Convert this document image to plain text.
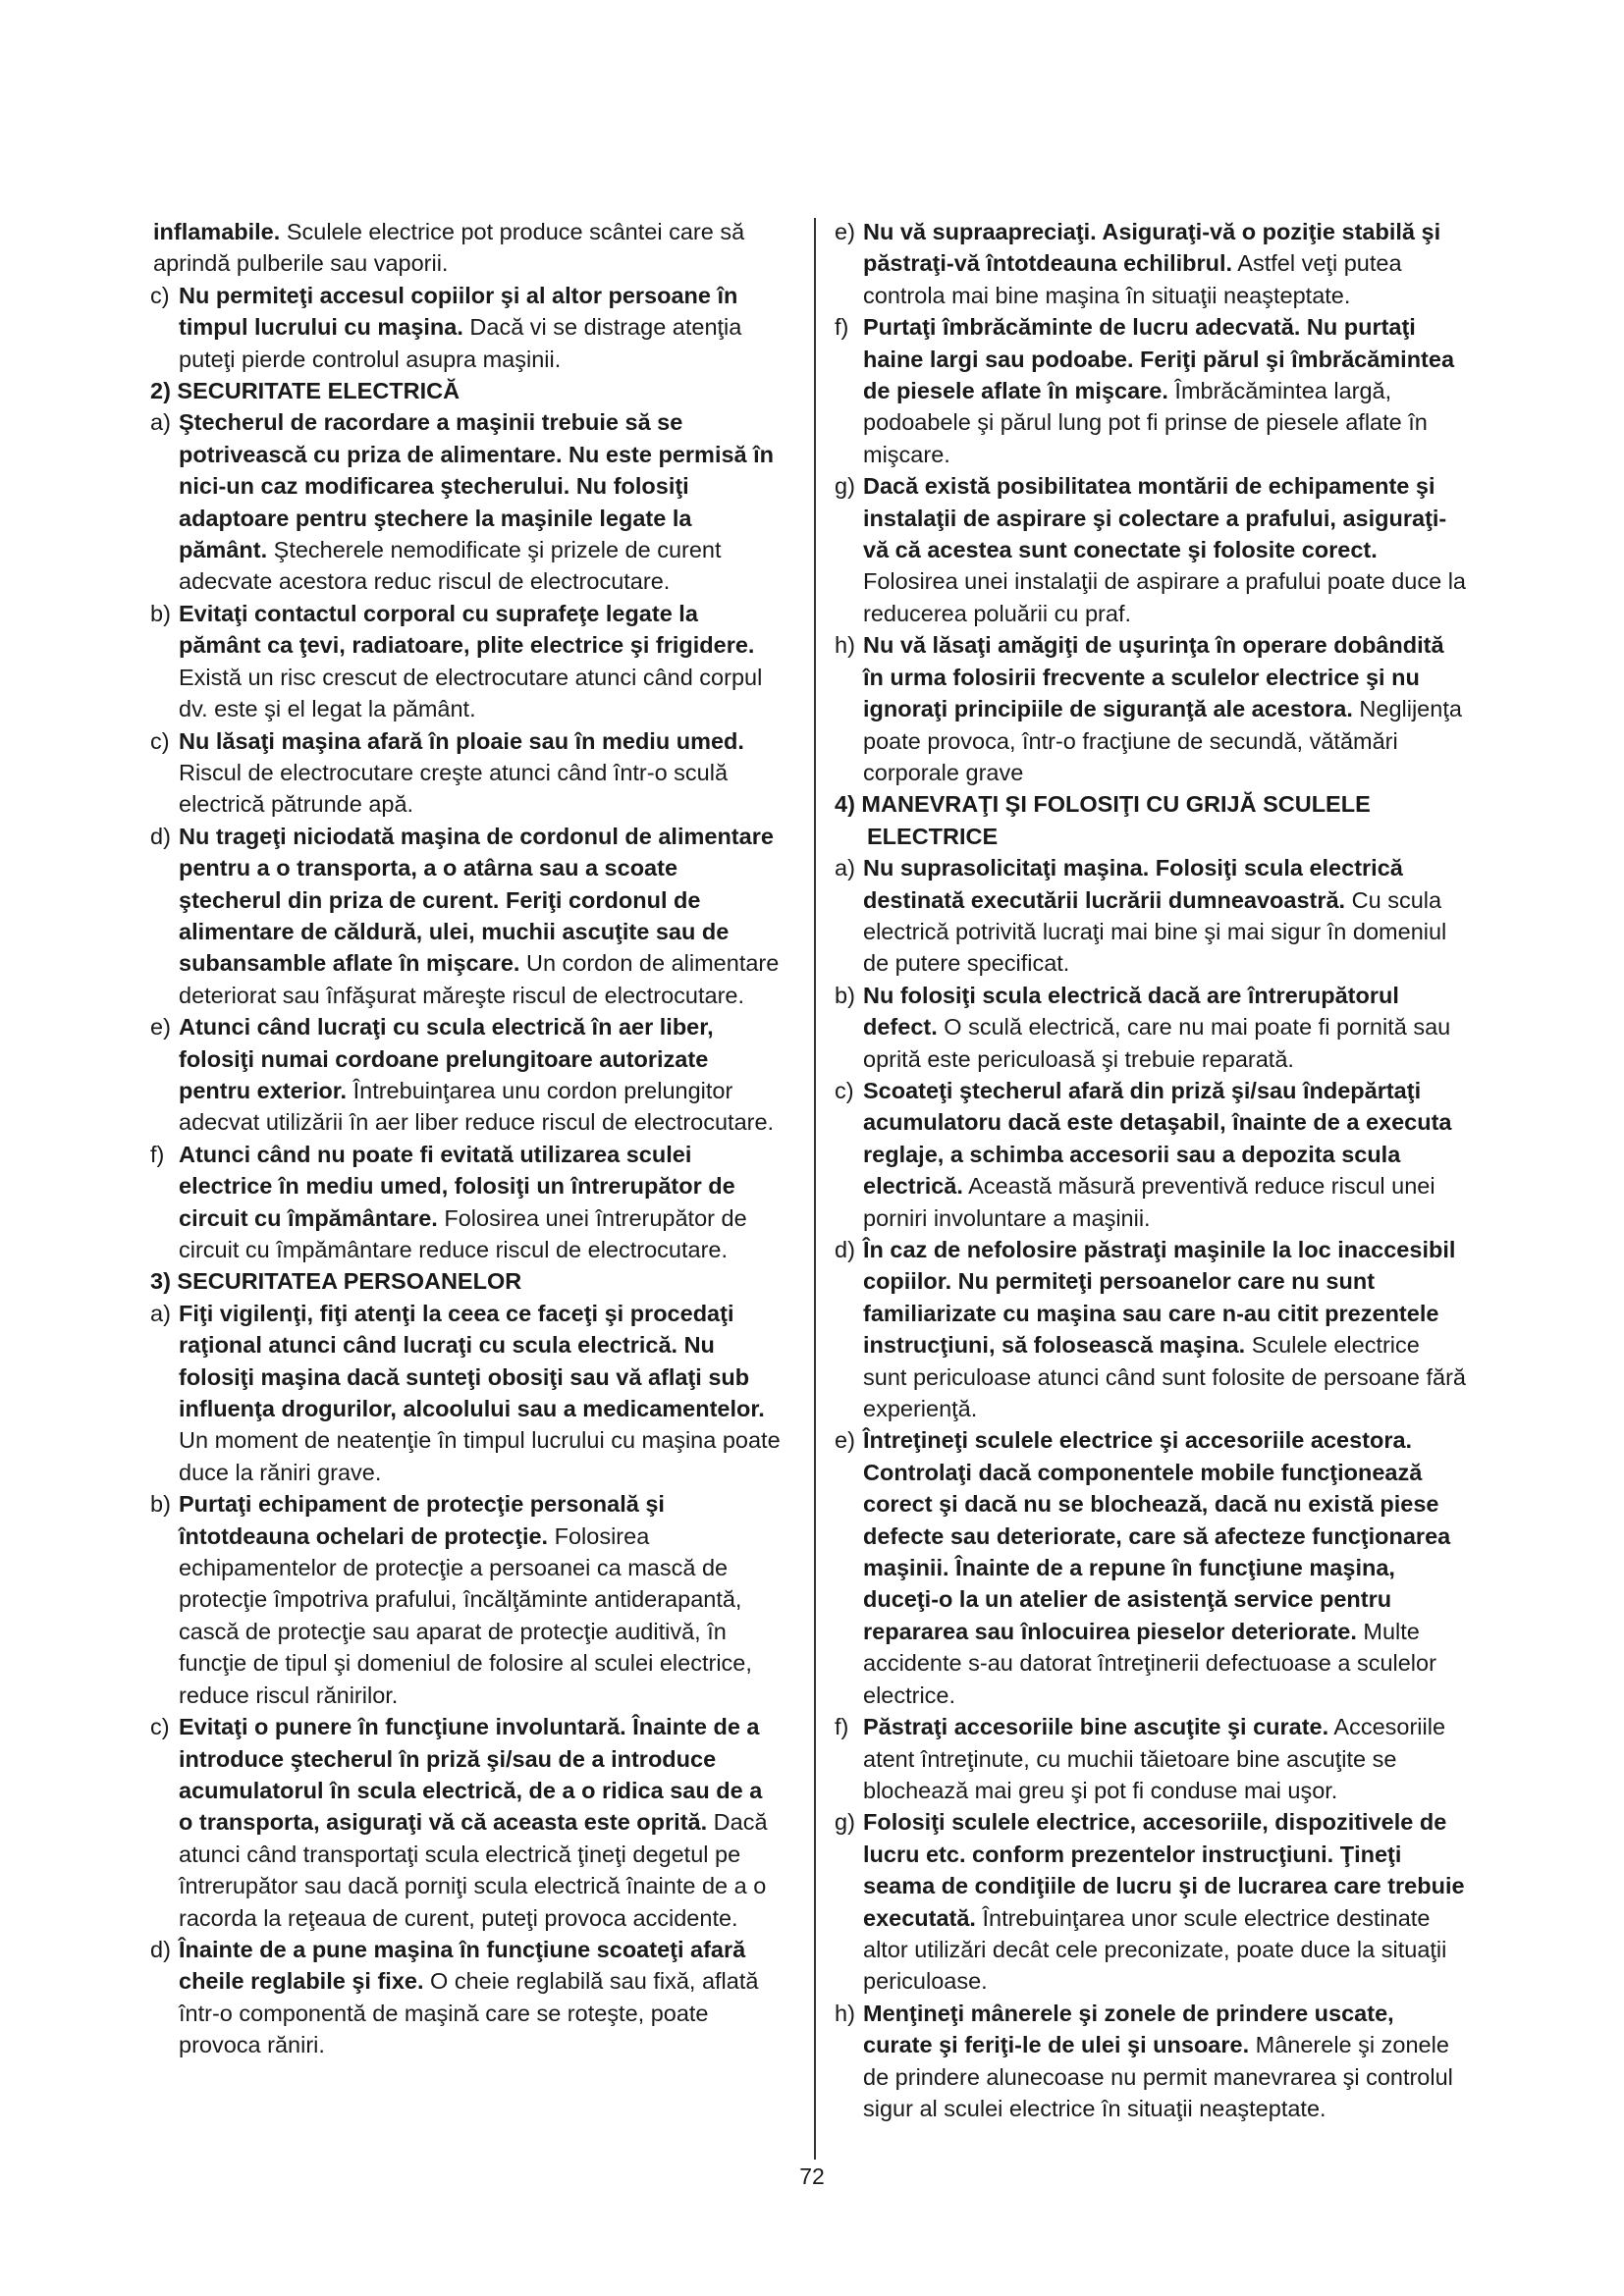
inflamabile. Sculele electrice pot produce scântei care să aprindă pulberile sau vaporii.

c) Nu permiteţi accesul copiilor şi al altor persoane în timpul lucrului cu maşina. Dacă vi se distrage atenţia puteţi pierde controlul asupra maşinii.

2) SECURITATE ELECTRICĂ

a) Ştecherul de racordare a maşinii trebuie să se potrivească cu priza de alimentare. Nu este permisă în nici-un caz modificarea ştecherului. Nu folosiţi adaptoare pentru ştechere la maşinile legate la pământ. Ştecherele nemodificate şi prizele de curent adecvate acestora reduc riscul de electrocutare.

b) Evitaţi contactul corporal cu suprafeţe legate la pământ ca ţevi, radiatoare, plite electrice şi frigidere. Există un risc crescut de electrocutare atunci când corpul dv. este şi el legat la pământ.

c) Nu lăsaţi maşina afară în ploaie sau în mediu umed. Riscul de electrocutare creşte atunci când într-o sculă electrică pătrunde apă.

d) Nu trageţi niciodată maşina de cordonul de alimentare pentru a o transporta, a o atârna sau a scoate ştecherul din priza de curent. Feriţi cordonul de alimentare de căldură, ulei, muchii ascuţite sau de subansamble aflate în mişcare. Un cordon de alimentare deteriorat sau înfăşurat măreşte riscul de electrocutare.

e) Atunci când lucraţi cu scula electrică în aer liber, folosiţi numai cordoane prelungitoare autorizate pentru exterior. Întrebuinţarea unu cordon prelungitor adecvat utilizării în aer liber reduce riscul de electrocutare.

f) Atunci când nu poate fi evitată utilizarea sculei electrice în mediu umed, folosiţi un întrerupător de circuit cu împământare. Folosirea unei întrerupător de circuit cu împământare reduce riscul de electrocutare.

3) SECURITATEA PERSOANELOR

a) Fiţi vigilenţi, fiţi atenţi la ceea ce faceţi şi procedaţi raţional atunci când lucraţi cu scula electrică. Nu folosiţi maşina dacă sunteţi obosiţi sau vă aflaţi sub influenţa drogurilor, alcoolului sau a medicamentelor. Un moment de neatenţie în timpul lucrului cu maşina poate duce la răniri grave.

b) Purtaţi echipament de protecţie personală şi întotdeauna ochelari de protecţie. Folosirea echipamentelor de protecţie a persoanei ca mască de protecţie împotriva prafului, încălţăminte antiderapantă, cască de protecţie sau aparat de protecţie auditivă, în funcţie de tipul şi domeniul de folosire al sculei electrice, reduce riscul rănirilor.

c) Evitaţi o punere în funcţiune involuntară. Înainte de a introduce ştecherul în priză şi/sau de a introduce acumulatorul în scula electrică, de a o ridica sau de a o transporta, asiguraţi vă că aceasta este oprită. Dacă atunci când transportaţi scula electrică ţineţi degetul pe întrerupător sau dacă porniţi scula electrică înainte de a o racorda la reţeaua de curent, puteţi provoca accidente.

d) Înainte de a pune maşina în funcţiune scoateţi afară cheile reglabile şi fixe. O cheie reglabilă sau fixă, aflată într-o componentă de maşină care se roteşte, poate provoca răniri.

e) Nu vă supraapreciaţi. Asiguraţi-vă o poziţie stabilă şi păstraţi-vă întotdeauna echilibrul. Astfel veţi putea controla mai bine maşina în situaţii neaşteptate.

f) Purtaţi îmbrăcăminte de lucru adecvată. Nu purtaţi haine largi sau podoabe. Feriţi părul şi îmbrăcămintea de piesele aflate în mişcare. Îmbrăcămintea largă, podoabele şi părul lung pot fi prinse de piesele aflate în mişcare.

g) Dacă există posibilitatea montării de echipamente şi instalaţii de aspirare şi colectare a prafului, asiguraţi-vă că acestea sunt conectate şi folosite corect. Folosirea unei instalaţii de aspirare a prafului poate duce la reducerea poluării cu praf.

h) Nu vă lăsaţi amăgiţi de uşurinţa în operare dobândită în urma folosirii frecvente a sculelor electrice şi nu ignoraţi principiile de siguranţă ale acestora. Neglijenţa poate provoca, într-o fracţiune de secundă, vătămări corporale grave

4) MANEVRAŢI ŞI FOLOSIŢI CU GRIJĂ SCULELE

ELECTRICE

a) Nu suprasolicitaţi maşina. Folosiţi scula electrică destinată executării lucrării dumneavoastră. Cu scula electrică potrivită lucraţi mai bine şi mai sigur în domeniul de putere specificat.

b) Nu folosiţi scula electrică dacă are întrerupătorul defect. O sculă electrică, care nu mai poate fi pornită sau oprită este periculoasă şi trebuie reparată.

c) Scoateţi ştecherul afară din priză şi/sau îndepărtaţi acumulatoru dacă este detaşabil, înainte de a executa reglaje, a schimba accesorii sau a depozita scula electrică. Această măsură preventivă reduce riscul unei porniri involuntare a maşinii.

d) În caz de nefolosire păstraţi maşinile la loc inaccesibil copiilor. Nu permiteţi persoanelor care nu sunt familiarizate cu maşina sau care n-au citit prezentele instrucţiuni, să folosească maşina. Sculele electrice sunt periculoase atunci când sunt folosite de persoane fără experienţă.

e) Întreţineţi sculele electrice şi accesoriile acestora. Controlaţi dacă componentele mobile funcţionează corect şi dacă nu se blochează, dacă nu există piese defecte sau deteriorate, care să afecteze funcţionarea maşinii. Înainte de a repune în funcţiune maşina, duceţi-o la un atelier de asistenţă service pentru repararea sau înlocuirea pieselor deteriorate. Multe accidente s-au datorat întreţinerii defectuoase a sculelor electrice.

f) Păstraţi accesoriile bine ascuţite şi curate. Accesoriile atent întreţinute, cu muchii tăietoare bine ascuţite se blochează mai greu şi pot fi conduse mai uşor.

g) Folosiţi sculele electrice, accesoriile, dispozitivele de lucru etc. conform prezentelor instrucţiuni. Ţineţi seama de condiţiile de lucru şi de lucrarea care trebuie executată. Întrebuinţarea unor scule electrice destinate altor utilizări decât cele preconizate, poate duce la situaţii periculoase.

h) Menţineţi mânerele şi zonele de prindere uscate, curate şi feriţi-le de ulei şi unsoare. Mânerele şi zonele de prindere alunecoase nu permit manevrarea şi controlul sigur al sculei electrice în situaţii neaşteptate.

72
